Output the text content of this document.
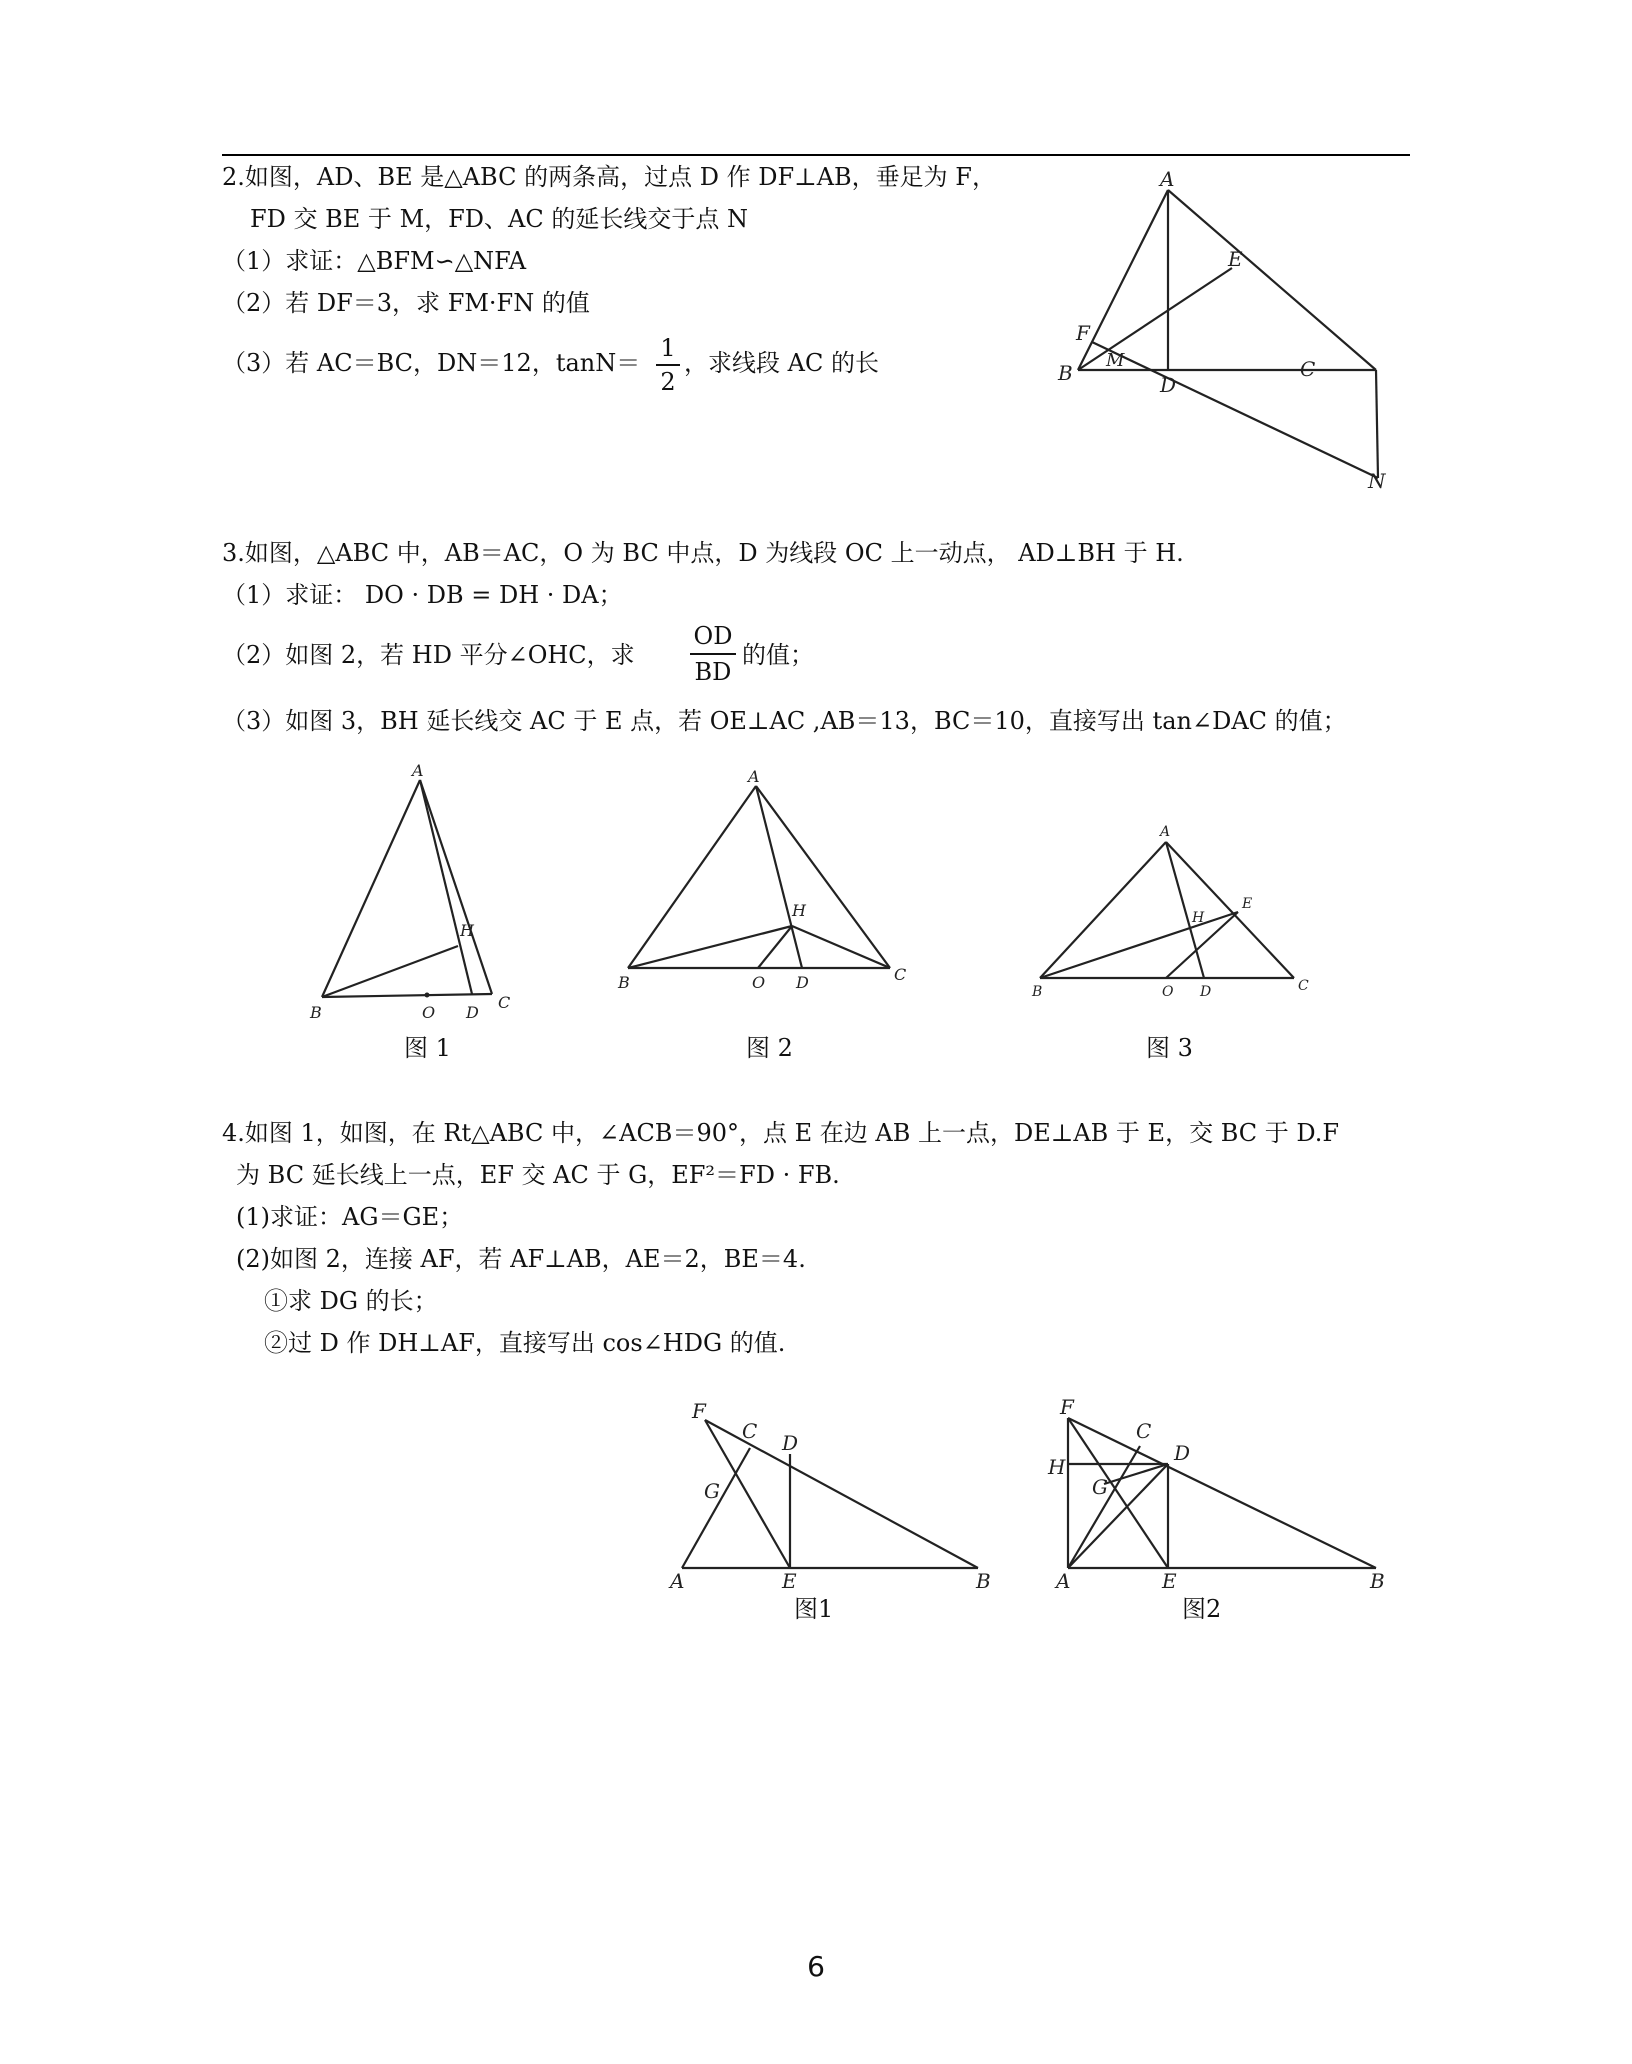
2.如图，AD、BE 是△ABC 的两条高，过点 D 作 DF⊥AB，垂足为 F，
FD 交 BE 于 M，FD、AC 的延长线交于点 N
（1）求证：△BFM∽△NFA
（2）若 DF＝3，求 FM·FN 的值
（3）若 AC＝BC，DN＝12，tanN＝
1
2
，求线段 AC 的长
A
B	C
D
E
F
M
N
3.如图，△ABC 中，AB＝AC，O 为 BC 中点，D 为线段 OC 上一动点， AD⊥BH 于 H.
（1）求证： DO · DB = DH · DA；
（2）如图 2，若 HD 平分∠OHC，求
OD
BD
的值；
（3）如图 3，BH 延长线交 AC 于 E 点，若 OE⊥AC ,AB＝13，BC＝10，直接写出 tan∠DAC 的值；
A
B
C
O D
H
图 1
A
B	C
O D
H
图 2
A
B	C
O D
H
E
图 3
4.如图 1，如图，在 Rt△ABC 中，∠ACB＝90°，点 E 在边 AB 上一点，DE⊥AB 于 E，交 BC 于 D.F
为 BC 延长线上一点，EF 交 AC 于 G，EF²＝FD · FB.
(1)求证：AG＝GE；
(2)如图 2，连接 AF，若 AF⊥AB，AE＝2，BE＝4.
①求 DG 的长；
②过 D 作 DH⊥AF，直接写出 cos∠HDG 的值.
F
C D
G
A	E	B
图1
F
C
D
H
G
A	E	B
图2
6
